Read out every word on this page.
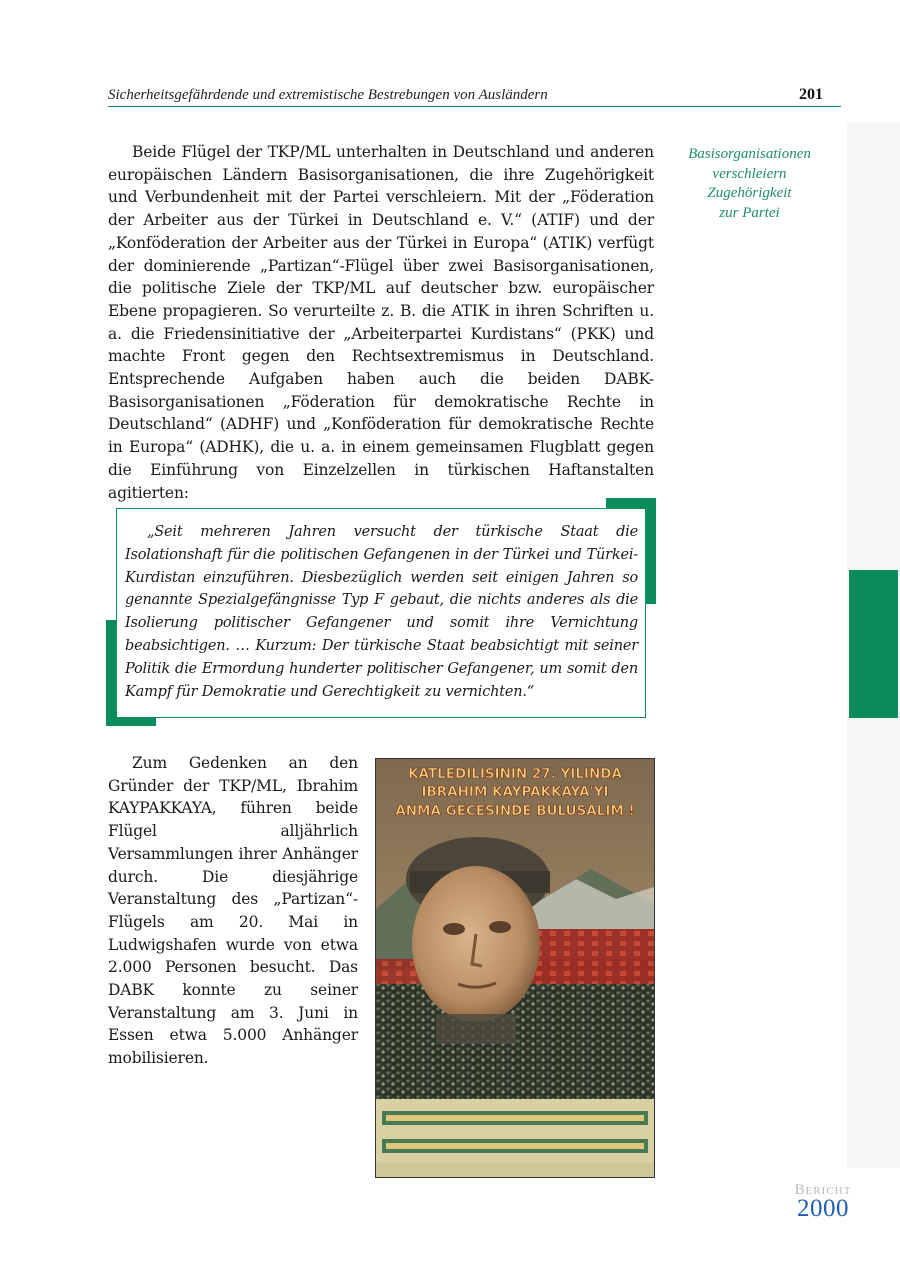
Sicherheitsgefährdende und extremistische Bestrebungen von Ausländern	201
Basisorganisationen
verschleiern
Zugehörigkeit
zur Partei

Beide Flügel der TKP/ML unterhalten in Deutschland und anderen europäischen Ländern Basisorganisationen, die ihre Zugehörigkeit und Verbundenheit mit der Partei verschleiern. Mit der „Föderation der Arbeiter aus der Türkei in Deutschland e. V.“ (ATIF) und der „Konföderation der Arbeiter aus der Türkei in Europa“ (ATIK) verfügt der dominierende „Partizan“-Flügel über zwei Basisorganisationen, die politische Ziele der TKP/ML auf deutscher bzw. europäischer Ebene propagieren. So verurteilte z. B. die ATIK in ihren Schriften u. a. die Friedensinitiative der „Arbeiterpartei Kurdistans“ (PKK) und machte Front gegen den Rechtsextremismus in Deutschland. Entsprechende Aufgaben haben auch die beiden DABK-Basisorganisationen „Föderation für demokratische Rechte in Deutschland“ (ADHF) und „Konföderation für demokratische Rechte in Europa“ (ADHK), die u. a. in einem gemeinsamen Flugblatt gegen die Einführung von Einzelzellen in türkischen Haftanstalten agitierten:

„Seit mehreren Jahren versucht der türkische Staat die Isolationshaft für die politischen Gefangenen in der Türkei und Türkei-Kurdistan einzuführen. Diesbezüglich werden seit einigen Jahren so genannte Spezialgefängnisse Typ F gebaut, die nichts anderes als die Isolierung politischer Gefangener und somit ihre Vernichtung beabsichtigen. … Kurzum: Der türkische Staat beabsichtigt mit seiner Politik die Ermordung hunderter politischer Gefangener, um somit den Kampf für Demokratie und Gerechtigkeit zu vernichten.“

Zum Gedenken an den Gründer der TKP/ML, Ibrahim KAYPAKKAYA, führen beide Flügel alljährlich Versammlungen ihrer Anhänger durch. Die diesjährige Veranstaltung des „Partizan“-Flügels am 20. Mai in Ludwigshafen wurde von etwa 2.000 Personen besucht. Das DABK konnte zu seiner Veranstaltung am 3. Juni in Essen etwa 5.000 Anhänger mobilisieren.

KATLEDILISININ 27. YILINDA
IBRAHIM KAYPAKKAYA'YI
ANMA GECESINDE BULUSALIM !
Bericht
2000
